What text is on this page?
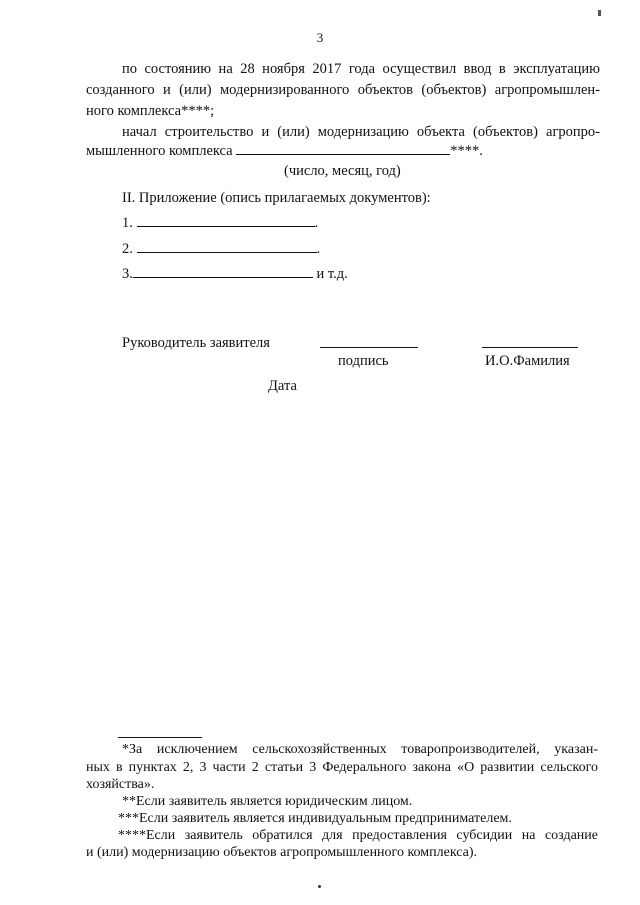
3
по состоянию на 28 ноября 2017 года осуществил ввод в эксплуатацию
созданного и (или) модернизированного объектов (объектов) агропромышлен-
ного комплекса****;
начал строительство и (или) модернизацию объекта (объектов) агропро-
мышленного комплекса	****.
(число, месяц, год)
II. Приложение (опись прилагаемых документов):
1.	.
2.	.
3.	и т.д.
Руководитель заявителя
подпись	И.О.Фамилия
Дата
*За исключением сельскохозяйственных товаропроизводителей, указан-
ных в пунктах 2, 3 части 2 статьи 3 Федерального закона «О развитии сельского
хозяйства».
**Если заявитель является юридическим лицом.
***Если заявитель является индивидуальным предпринимателем.
****Если заявитель обратился для предоставления субсидии на создание
и (или) модернизацию объектов агропромышленного комплекса).
